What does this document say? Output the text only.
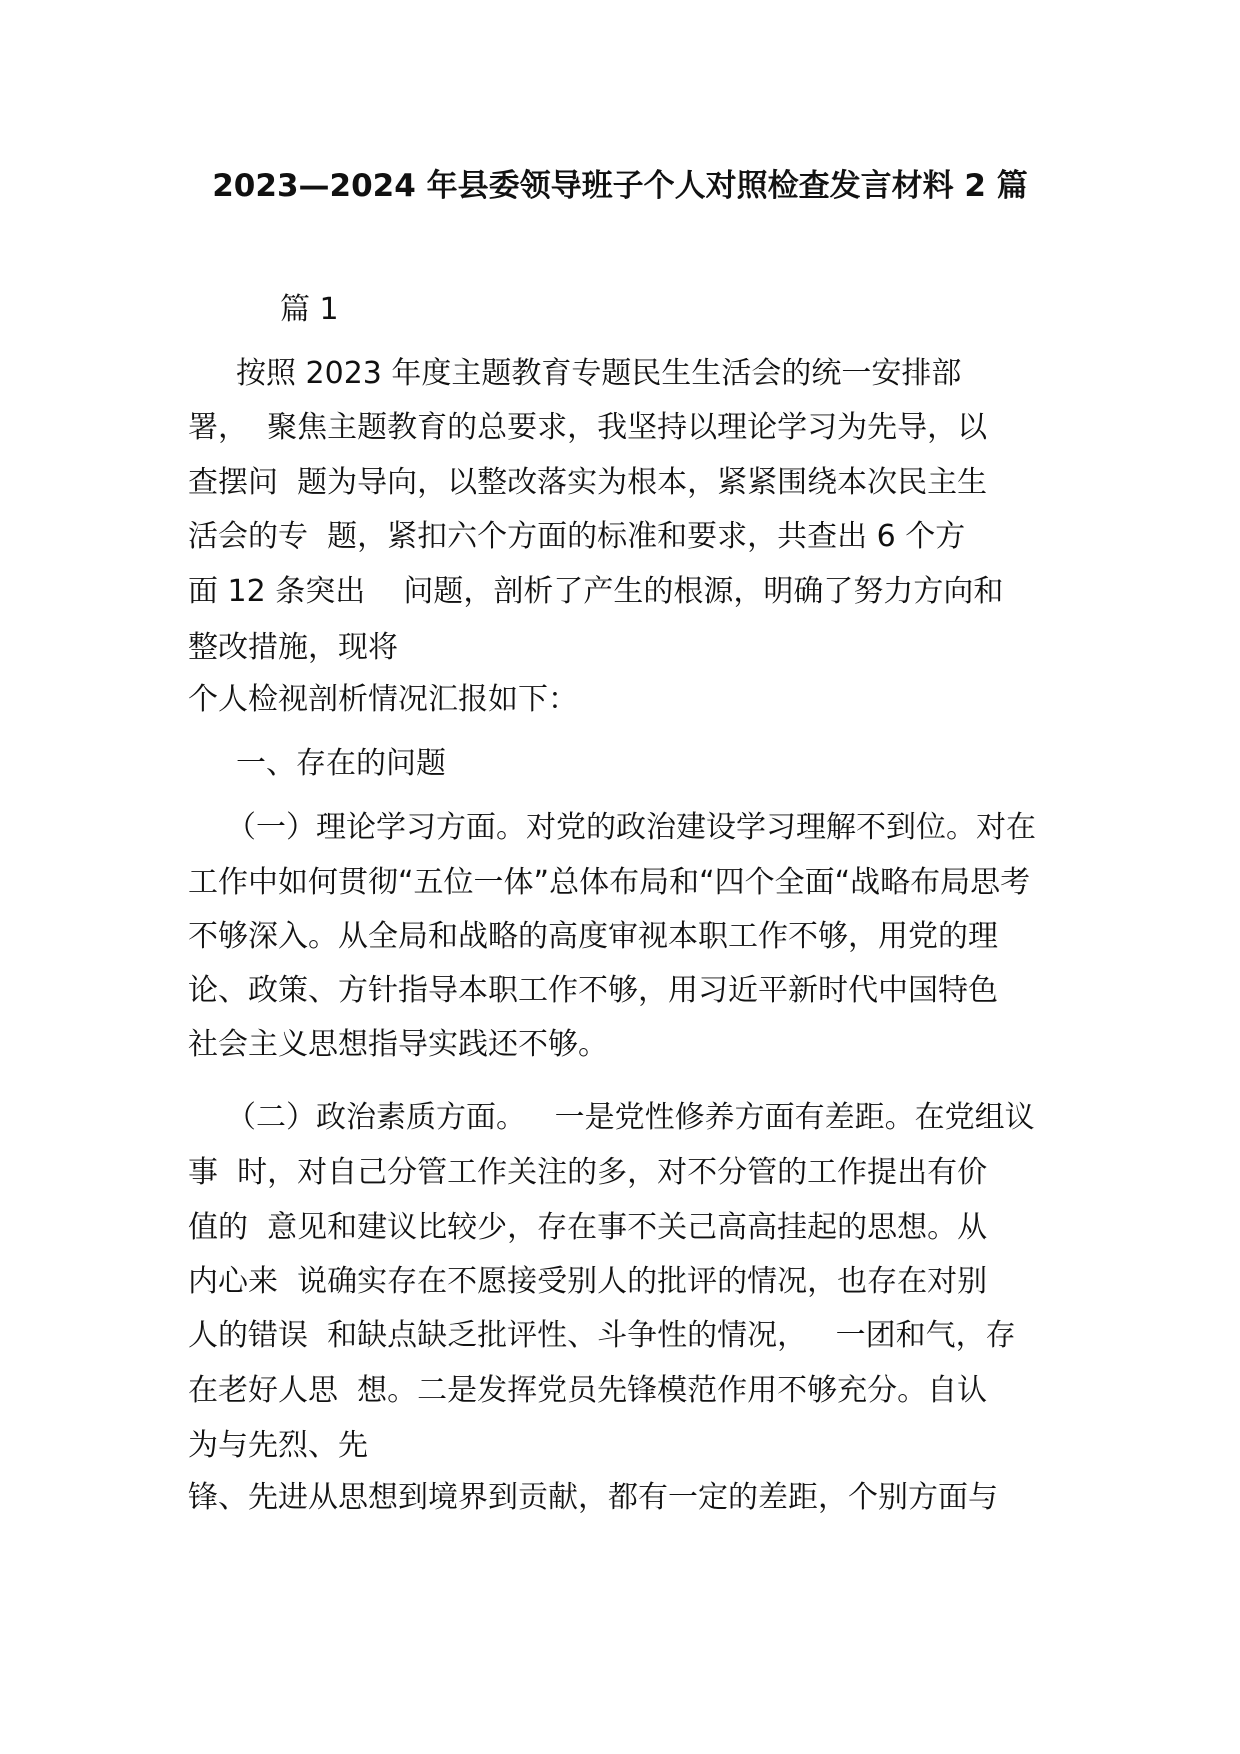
2023—2024 年县委领导班子个人对照检查发言材料 2 篇
篇 1
按照 2023 年度主题教育专题民生生活会的统一安排部
署，  聚焦主题教育的总要求，我坚持以理论学习为先导，以
查摆问  题为导向，以整改落实为根本，紧紧围绕本次民主生
活会的专  题，紧扣六个方面的标准和要求，共查出 6 个方
面 12 条突出    问题，剖析了产生的根源，明确了努力方向和
整改措施，现将
个人检视剖析情况汇报如下：
一、存在的问题
（一）理论学习方面。对党的政治建设学习理解不到位。对在
工作中如何贯彻“五位一体”总体布局和“四个全面“战略布局思考
不够深入。从全局和战略的高度审视本职工作不够，用党的理
论、政策、方针指导本职工作不够，用习近平新时代中国特色
社会主义思想指导实践还不够。
（二）政治素质方面。   一是党性修养方面有差距。在党组议
事  时，对自己分管工作关注的多，对不分管的工作提出有价
值的  意见和建议比较少，存在事不关己高高挂起的思想。从
内心来  说确实存在不愿接受别人的批评的情况，也存在对别
人的错误  和缺点缺乏批评性、斗争性的情况，   一团和气，存
在老好人思  想。二是发挥党员先锋模范作用不够充分。自认
为与先烈、先
锋、先进从思想到境界到贡献，都有一定的差距，个别方面与
